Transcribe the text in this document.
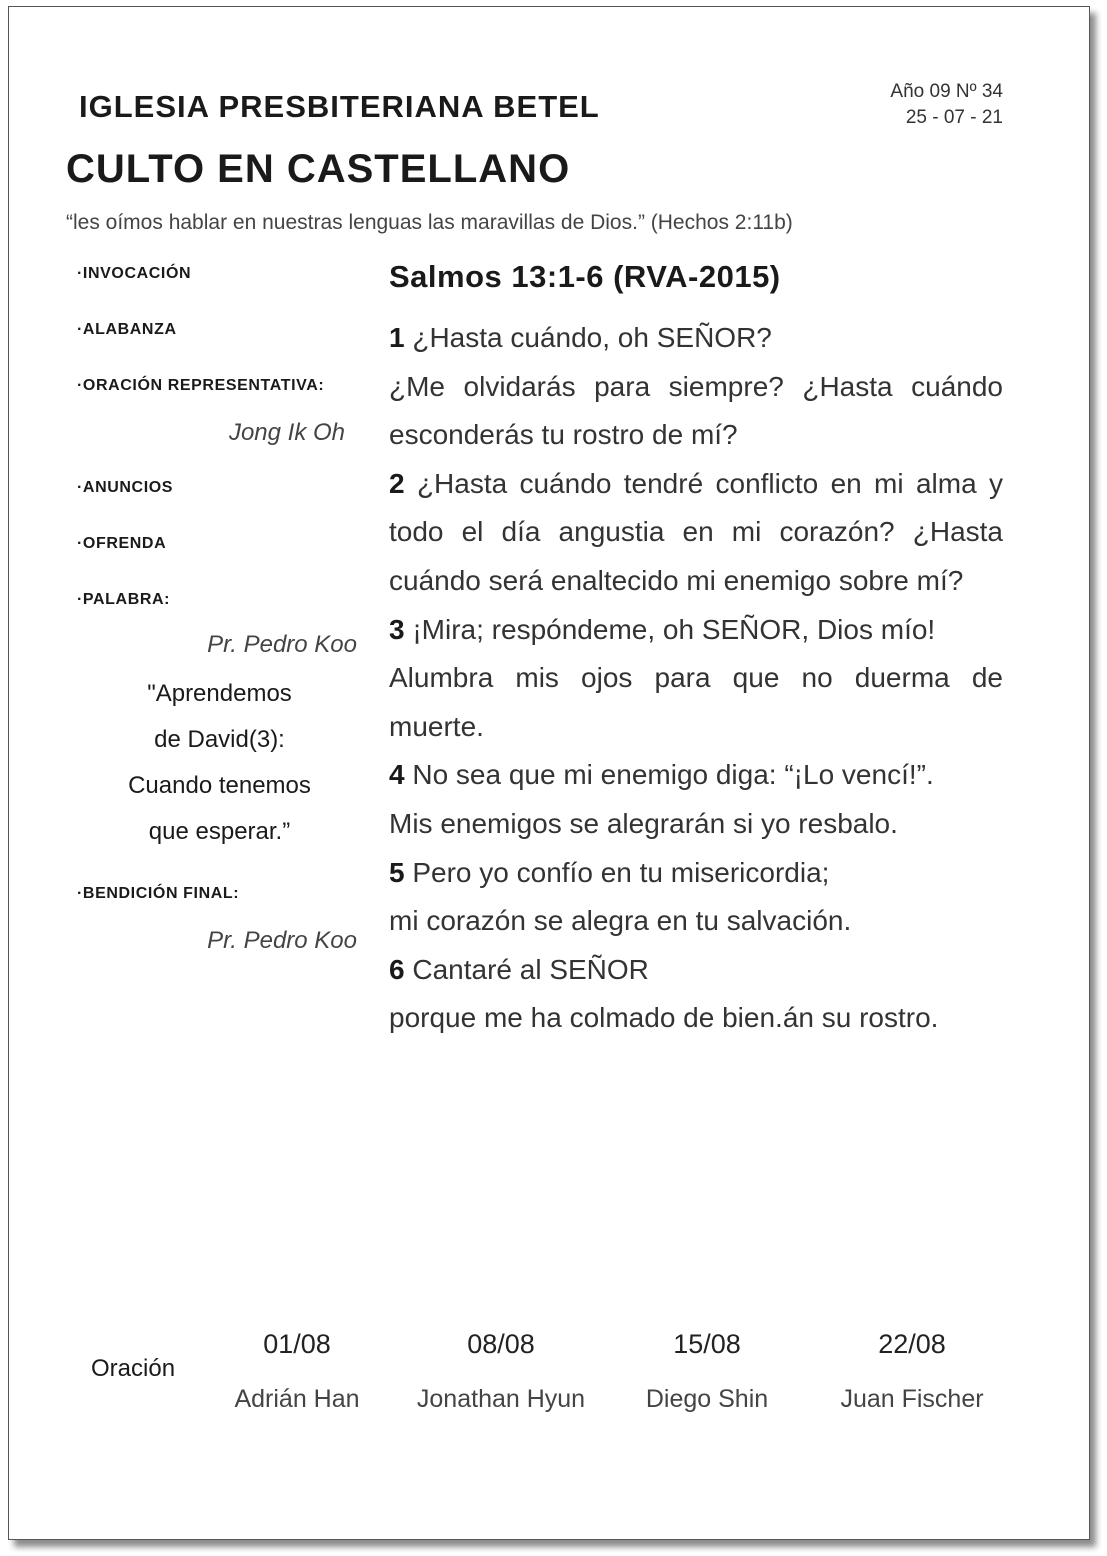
IGLESIA PRESBITERIANA BETEL	Año 09 Nº 34
25 - 07 - 21
CULTO EN CASTELLANO
“les oímos hablar en nuestras lenguas las maravillas de Dios.” (Hechos 2:11b)
·INVOCACIÓN
·ALABANZA
·ORACIÓN REPRESENTATIVA:
Jong Ik Oh
·ANUNCIOS
·OFRENDA
·PALABRA:
Pr. Pedro Koo
"Aprendemos
de David(3):
Cuando tenemos
que esperar.”
·BENDICIÓN FINAL:
Pr. Pedro Koo
Salmos 13:1-6 (RVA-2015)
1 ¿Hasta cuándo, oh SEÑOR?
¿Me olvidarás para siempre? ¿Hasta cuándo esconderás tu rostro de mí?
2 ¿Hasta cuándo tendré conflicto en mi alma y todo el día angustia en mi corazón? ¿Hasta cuándo será enaltecido mi enemigo sobre mí?
3 ¡Mira; respóndeme, oh SEÑOR, Dios mío!
Alumbra mis ojos para que no duerma de muerte.
4 No sea que mi enemigo diga: “¡Lo vencí!”.
Mis enemigos se alegrarán si yo resbalo.
5 Pero yo confío en tu misericordia;
mi corazón se alegra en tu salvación.
6 Cantaré al SEÑOR
porque me ha colmado de bien.án su rostro.
Oración
01/08
Adrián Han
08/08
Jonathan Hyun
15/08
Diego Shin
22/08
Juan Fischer
